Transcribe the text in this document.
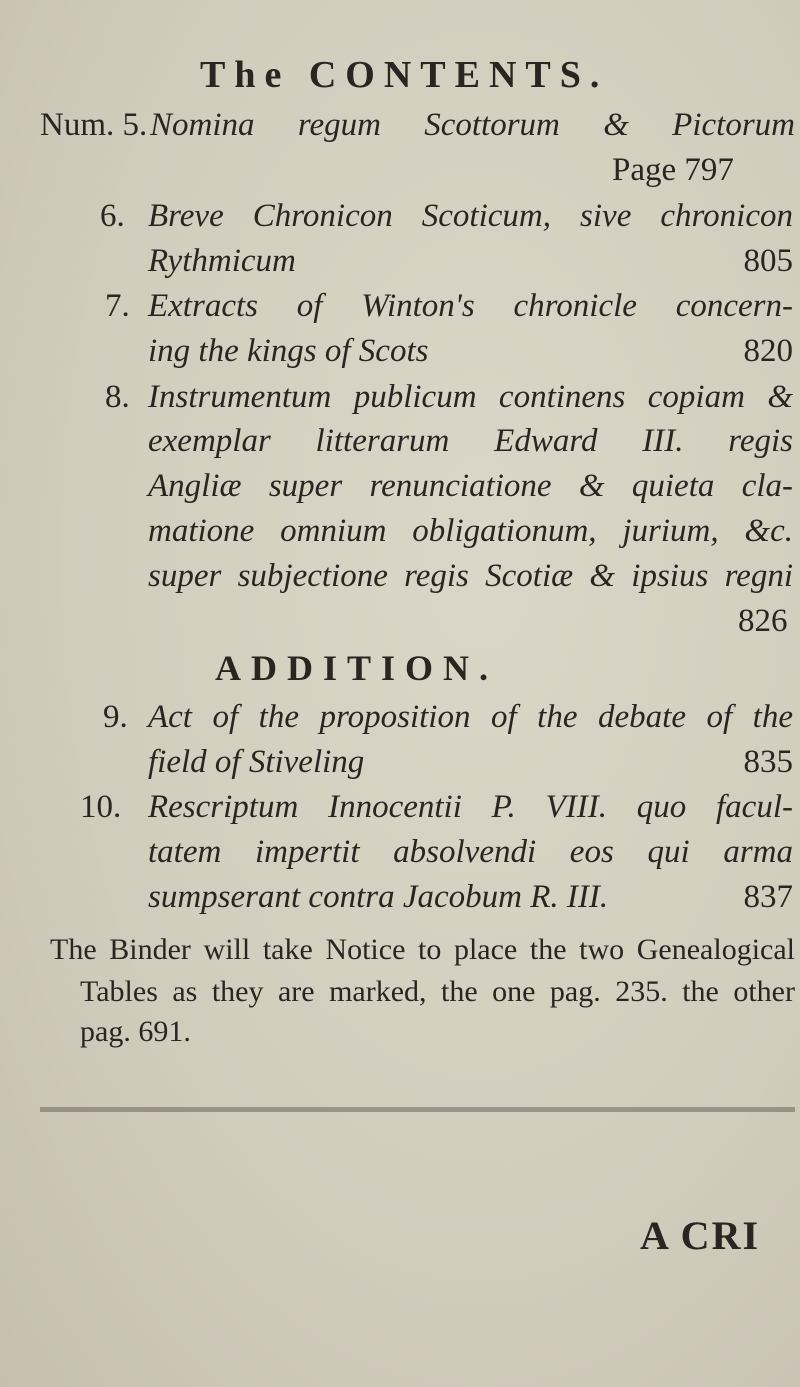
The CONTENTS.
Num. 5. Nomina regum Scottorum & Pictorum
Page 797
6. Breve Chronicon Scoticum, sive chronicon
Rythmicum	805
7. Extracts of Winton's chronicle concern-
ing the kings of Scots	820
8. Instrumentum publicum continens copiam &
exemplar litterarum Edward III. regis
Angliæ super renunciatione & quieta cla-
matione omnium obligationum, jurium, &c.
super subjectione regis Scotiæ & ipsius regni
826
ADDITION.
9. Act of the proposition of the debate of the
field of Stiveling	835
10. Rescriptum Innocentii P. VIII. quo facul-
tatem impertit absolvendi eos qui arma
sumpserant contra Jacobum R. III.	837
The Binder will take Notice to place the two Genealogical
Tables as they are marked, the one pag. 235. the other
pag. 691.
A CRI
